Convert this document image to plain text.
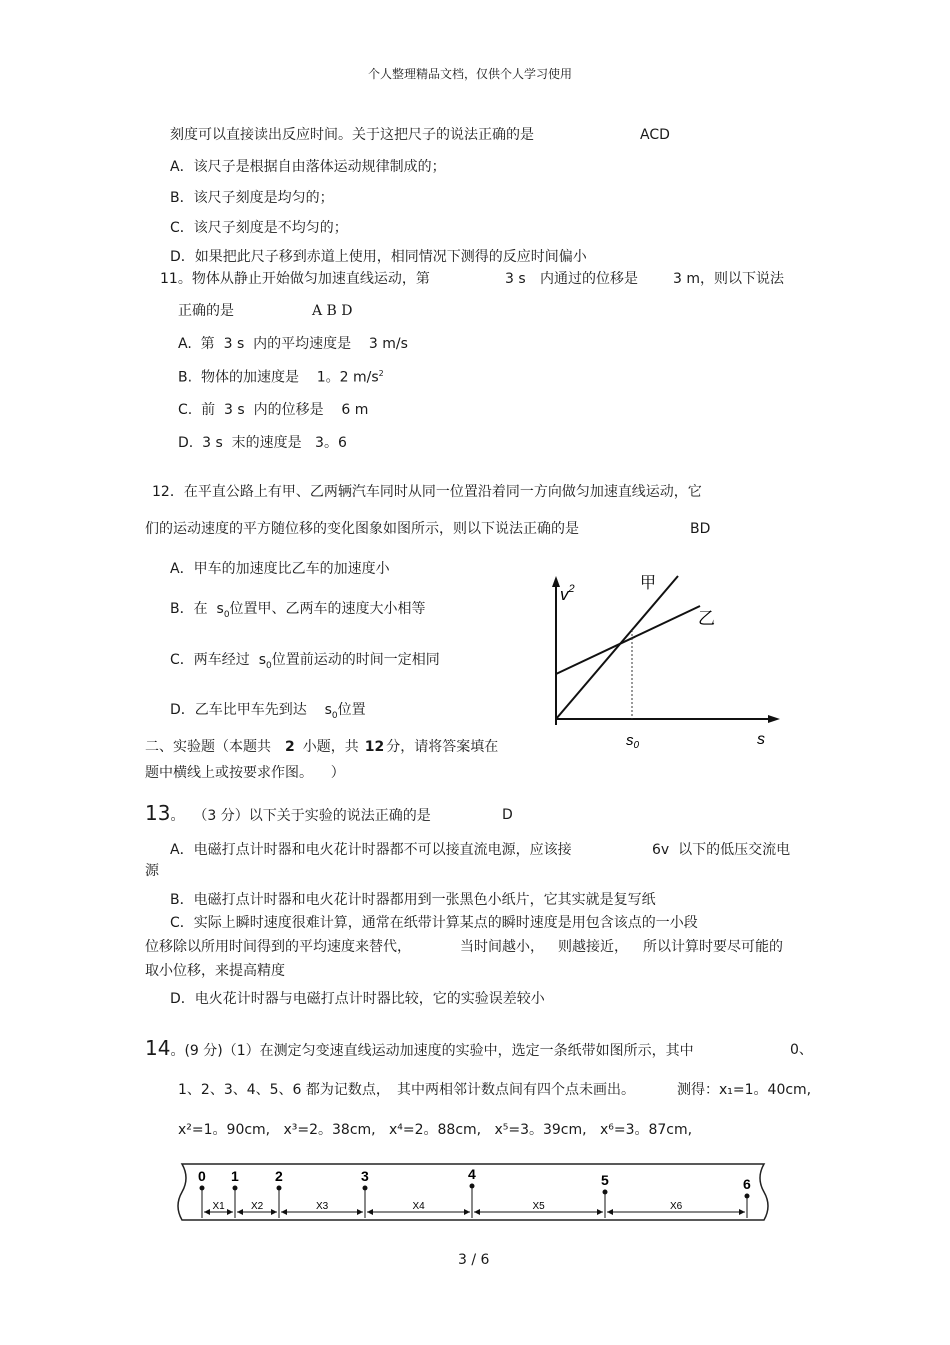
个人整理精品文档，仅供个人学习使用
刻度可以直接读出反应时间。关于这把尺子的说法正确的是	ACD
A．该尺子是根据自由落体运动规律制成的；
B．该尺子刻度是均匀的；
C．该尺子刻度是不均匀的；
D．如果把此尺子移到赤道上使用，相同情况下测得的反应时间偏小
11。物体从静止开始做匀加速直线运动，第	3 s 内通过的位移是	3 m，则以下说法
正确的是	A B D
A.  第  3 s  内的平均速度是    3 m/s
B.  物体的加速度是    1。2 $m/s^2$
C.  前  3 s  内的位移是    6 m
D.  3 s  末的速度是   3。6
12．在平直公路上有甲、乙两辆汽车同时从同一位置沿着同一方向做匀加速直线运动，它
们的运动速度的平方随位移的变化图象如图所示，则以下说法正确的是	BD
A．甲车的加速度比乙车的加速度小
B．在 $s_0$位置甲、乙两车的速度大小相等
C．两车经过 $s_0$位置前运动的时间一定相同
D．乙车比甲车先到达 $s_0$位置
$v^2$	甲
乙
$s_0$	s
二、实验题（本题共 2 小题，共 12 分，请将答案填在
题中横线上或按要求作图。    ）
13。  （3 分）以下关于实验的说法正确的是	D
A．电磁打点计时器和电火花计时器都不可以接直流电源，应该接	6v  以下的低压交流电
源
B．电磁打点计时器和电火花计时器都用到一张黑色小纸片，它其实就是复写纸
C．实际上瞬时速度很难计算，通常在纸带计算某点的瞬时速度是用包含该点的一小段
位移除以所用时间得到的平均速度来替代，	当时间越小， 则越接近， 所以计算时要尽可能的
取小位移，来提高精度
D．电火花计时器与电磁打点计时器比较，它的实验误差较小
14。(9 分)（1）在测定匀变速直线运动加速度的实验中，选定一条纸带如图所示，其中	0、
1、2、3、4、5、6 都为记数点， 其中两相邻计数点间有四个点未画出。	测得：x₁=1。40cm,
x²=1。90cm,   x³=2。38cm,   x⁴=2。88cm,   x⁵=3。39cm,   x⁶=3。87cm,
0 1	2	3	4	5	6
X1	X2	X3	X4	X5	X6
3 / 6
